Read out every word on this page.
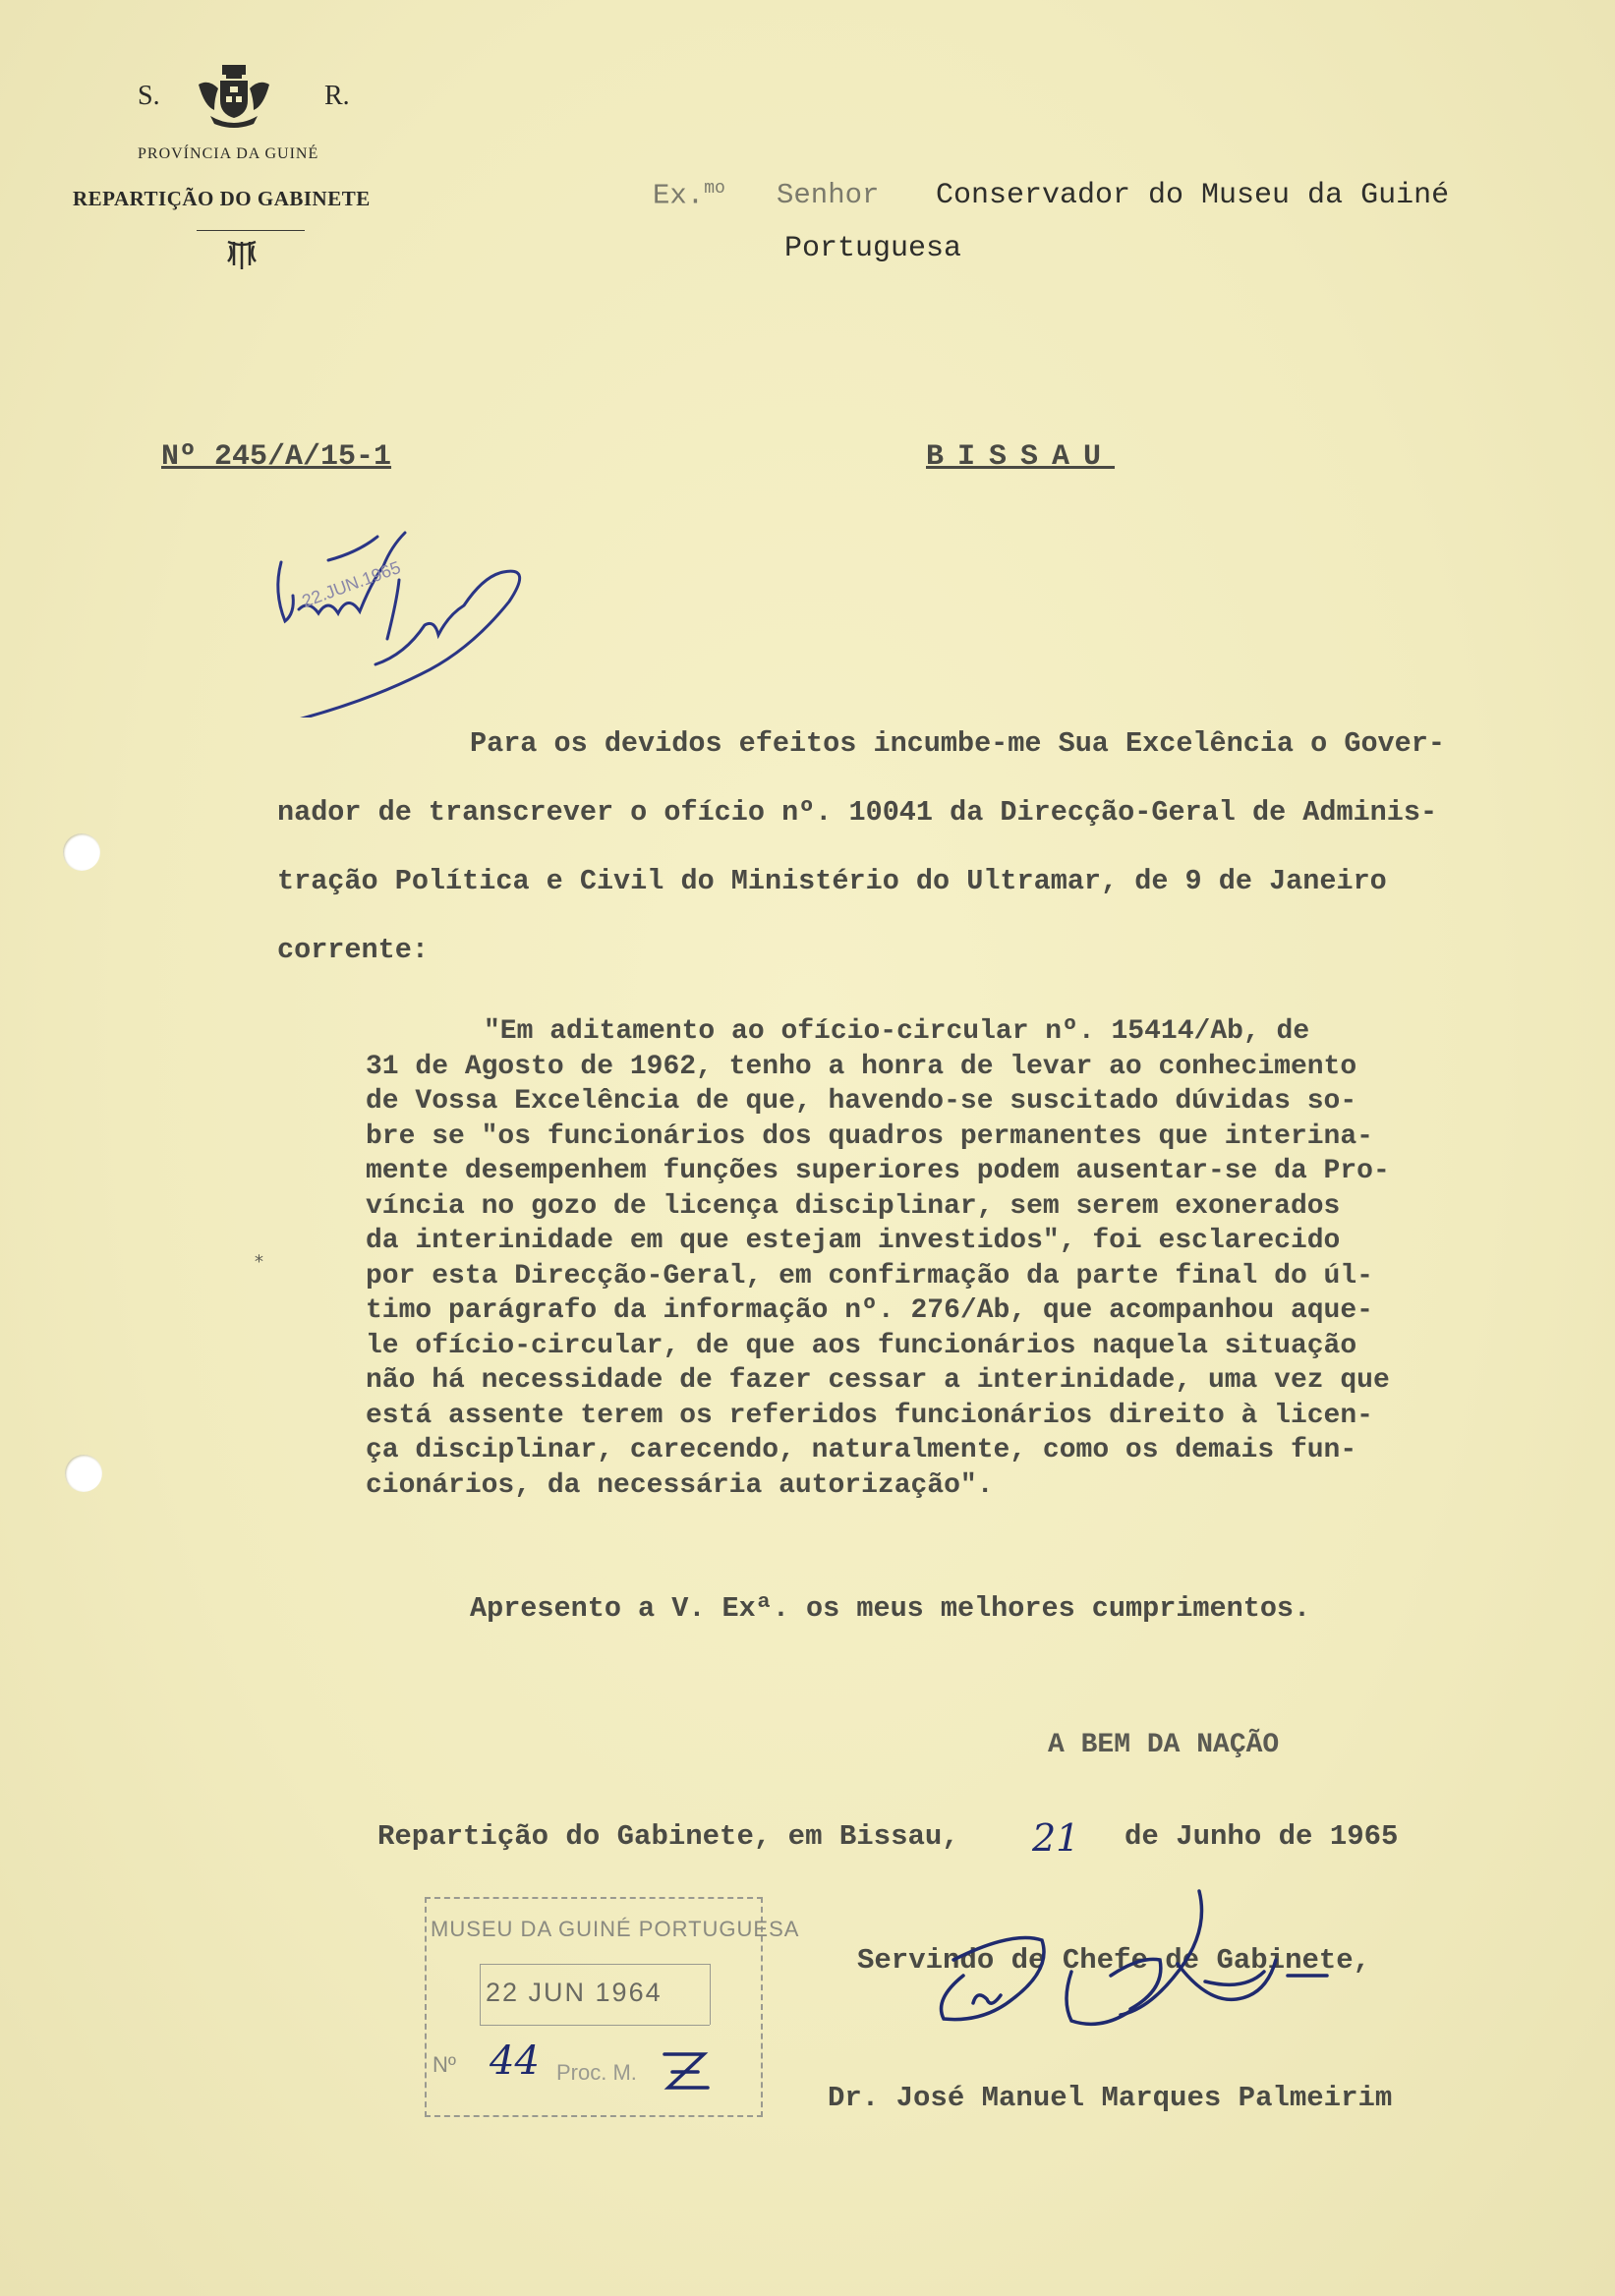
S.	R.
PROVÍNCIA DA GUINÉ
REPARTIÇÃO DO GABINETE	Ex.$^{mo}$ Senhor Conservador do Museu da Guiné
Portuguesa
Nº 245/A/15-1	BISSAU
22.JUN.1965
Para os devidos efeitos incumbe-me Sua Excelência o Gover-
nador de transcrever o ofício nº. 10041 da Direcção-Geral de Adminis-
tração Política e Civil do Ministério do Ultramar, de 9 de Janeiro
corrente:
"Em aditamento ao ofício-circular nº. 15414/Ab, de
31 de Agosto de 1962, tenho a honra de levar ao conhecimento
de Vossa Excelência de que, havendo-se suscitado dúvidas so-
bre se "os funcionários dos quadros permanentes que interina-
mente desempenhem funções superiores podem ausentar-se da Pro-
víncia no gozo de licença disciplinar, sem serem exonerados
da interinidade em que estejam investidos", foi esclarecido
por esta Direcção-Geral, em confirmação da parte final do úl-
timo parágrafo da informação nº. 276/Ab, que acompanhou aque-
le ofício-circular, de que aos funcionários naquela situação
não há necessidade de fazer cessar a interinidade, uma vez que
está assente terem os referidos funcionários direito à licen-
ça disciplinar, carecendo, naturalmente, como os demais fun-
cionários, da necessária autorização".
Apresento a V. Exª. os meus melhores cumprimentos.
A BEM DA NAÇÃO
Repartição do Gabinete, em Bissau, 21 de Junho de 1965
MUSEU DA GUINÉ PORTUGUESA
22 JUN 1964
Nº 44 Proc. M.
Servindo de Chefe de Gabinete,
Dr. José Manuel Marques Palmeirim
∗
